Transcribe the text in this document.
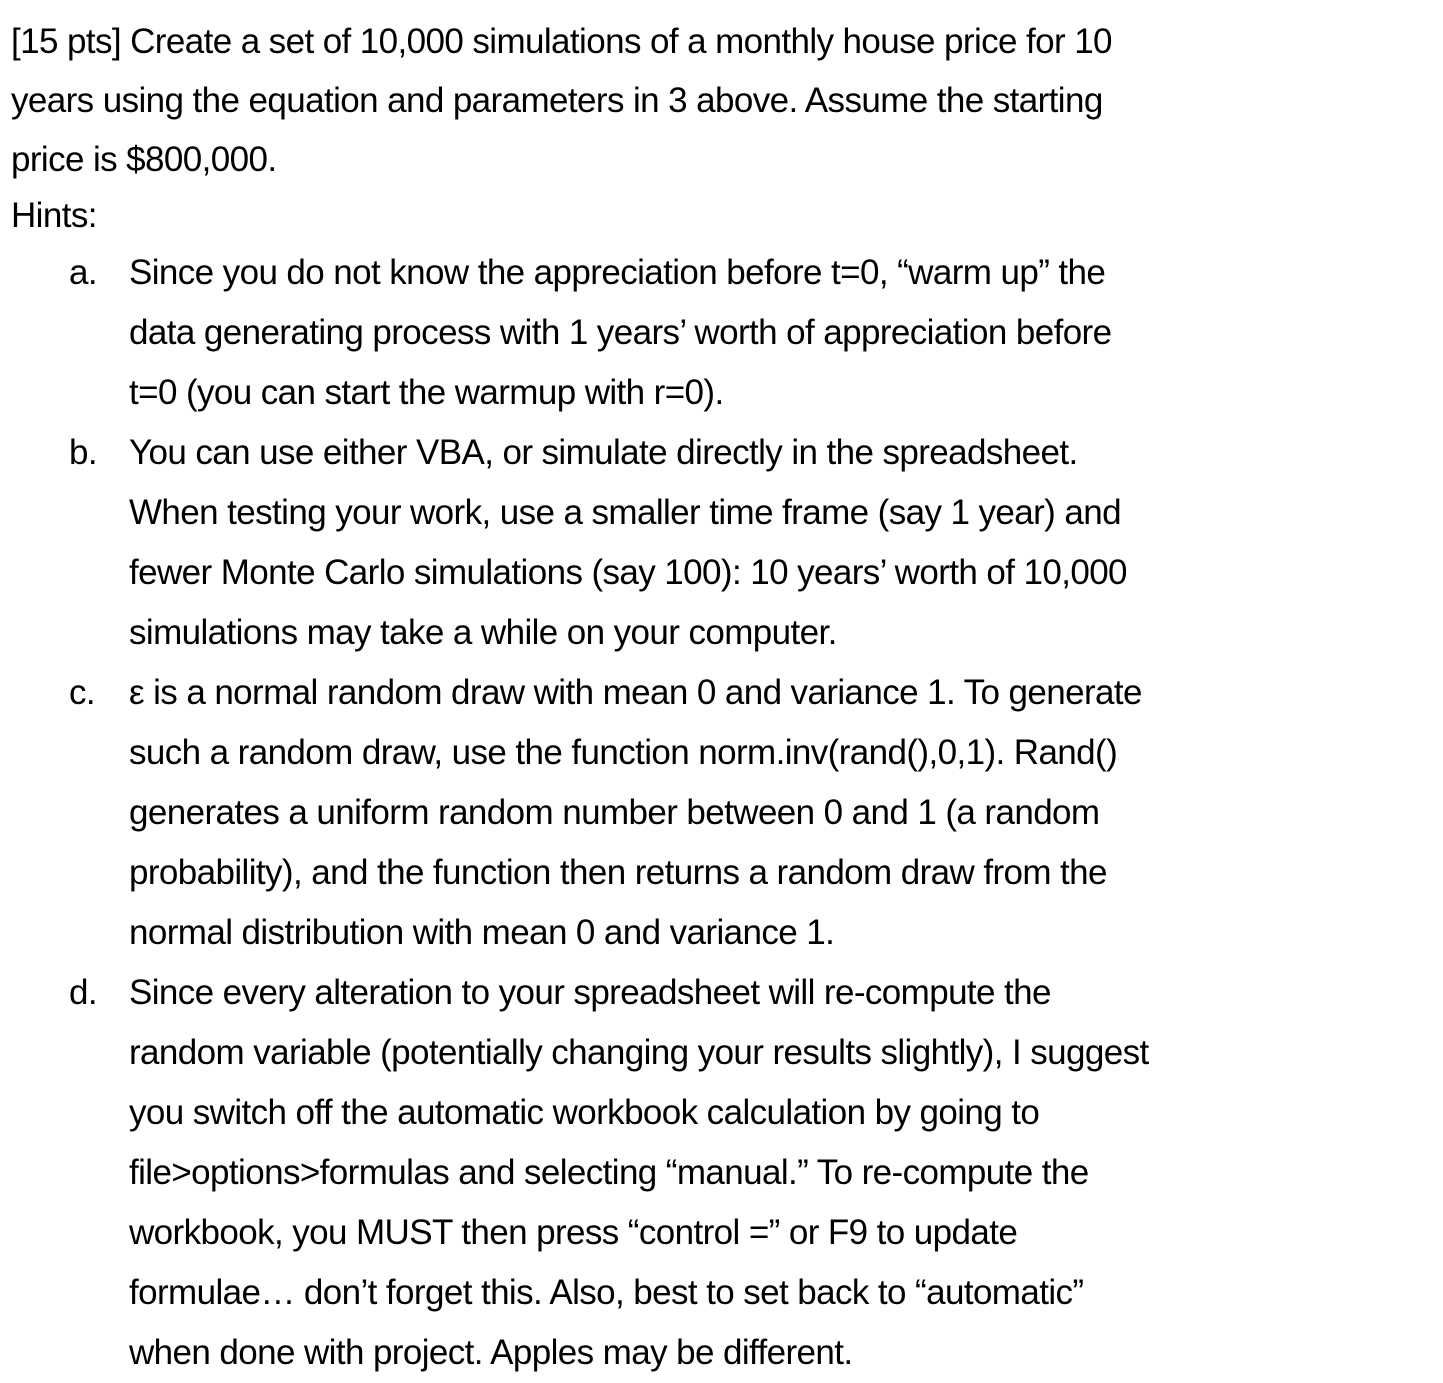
[15 pts] Create a set of 10,000 simulations of a monthly house price for 10
years using the equation and parameters in 3 above. Assume the starting
price is $800,000.
Hints:
a. Since you do not know the appreciation before t=0, “warm up” the
data generating process with 1 years’ worth of appreciation before
t=0 (you can start the warmup with r=0).
b. You can use either VBA, or simulate directly in the spreadsheet.
When testing your work, use a smaller time frame (say 1 year) and
fewer Monte Carlo simulations (say 100): 10 years’ worth of 10,000
simulations may take a while on your computer.
c. ε is a normal random draw with mean 0 and variance 1. To generate
such a random draw, use the function norm.inv(rand(),0,1). Rand()
generates a uniform random number between 0 and 1 (a random
probability), and the function then returns a random draw from the
normal distribution with mean 0 and variance 1.
d. Since every alteration to your spreadsheet will re-compute the
random variable (potentially changing your results slightly), I suggest
you switch off the automatic workbook calculation by going to
file>options>formulas and selecting “manual.” To re-compute the
workbook, you MUST then press “control =” or F9 to update
formulae… don’t forget this. Also, best to set back to “automatic”
when done with project. Apples may be different.
